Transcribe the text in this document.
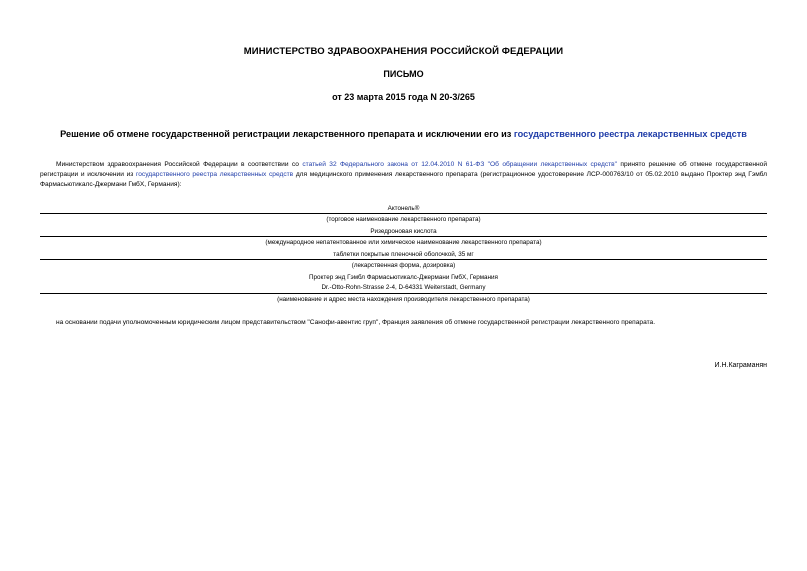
МИНИСТЕРСТВО ЗДРАВООХРАНЕНИЯ РОССИЙСКОЙ ФЕДЕРАЦИИ
ПИСЬМО
от 23 марта 2015 года N 20-3/265
Решение об отмене государственной регистрации лекарственного препарата и исключении его из государственного реестра лекарственных средств
Министерством здравоохранения Российской Федерации в соответствии со статьей 32 Федерального закона от 12.04.2010 N 61-ФЗ "Об обращении лекарственных средств" принято решение об отмене государственной регистрации и исключении из государственного реестра лекарственных средств для медицинского применения лекарственного препарата (регистрационное удостоверение ЛСР-000763/10 от 05.02.2010 выдано Проктер энд Гэмбл Фармасьютикалс-Джермани ГмбХ, Германия):
Актонель®
(торговое наименование лекарственного препарата)
Ризедроновая кислота
(международное непатентованное или химическое наименование лекарственного препарата)
таблетки покрытые пленочной оболочкой, 35 мг
(лекарственная форма, дозировка)
Проктер энд Гэмбл Фармасьютикалс-Джермани ГмбХ, Германия
Dr.-Otto-Rohn-Strasse 2-4, D-64331 Weiterstadt, Germany
(наименование и адрес места нахождения производителя лекарственного препарата)
на основании подачи уполномоченным юридическим лицом представительством "Санофи-авентис груп", Франция заявления об отмене государственной регистрации лекарственного препарата.
И.Н.Каграманян
